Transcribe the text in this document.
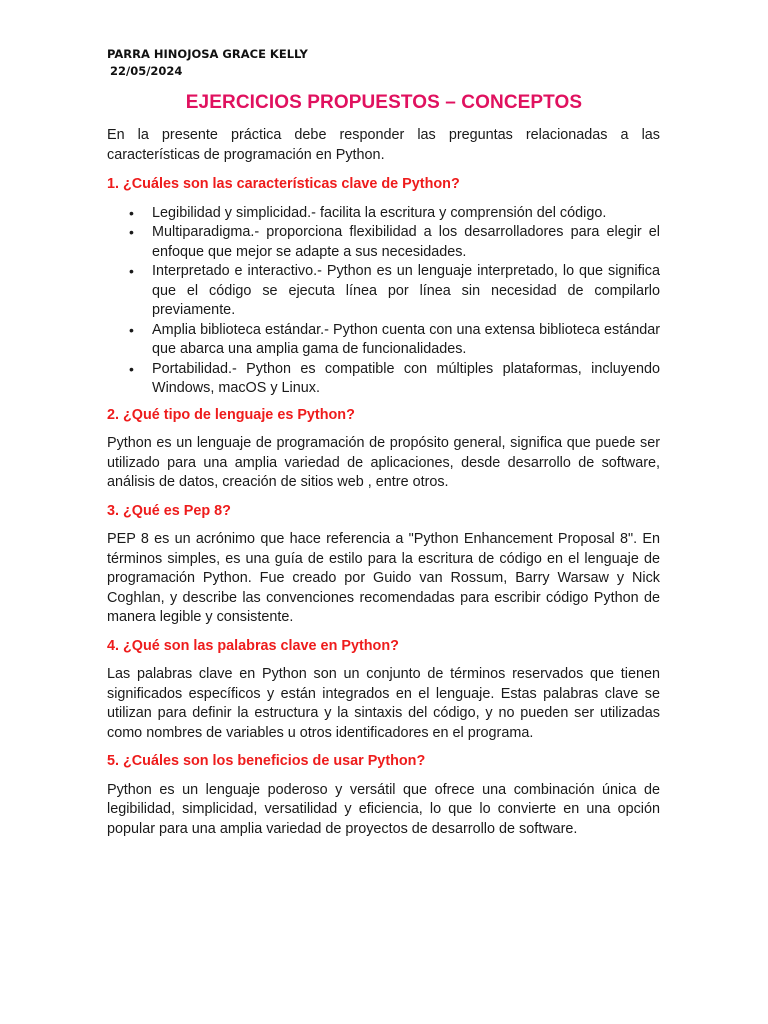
PARRA HINOJOSA GRACE KELLY
22/05/2024
EJERCICIOS PROPUESTOS – CONCEPTOS

En la presente práctica debe responder las preguntas relacionadas a las características de programación en Python.

1. ¿Cuáles son las características clave de Python?

• Legibilidad y simplicidad.- facilita la escritura y comprensión del código.
• Multiparadigma.- proporciona flexibilidad a los desarrolladores para elegir el enfoque que mejor se adapte a sus necesidades.
• Interpretado e interactivo.- Python es un lenguaje interpretado, lo que significa que el código se ejecuta línea por línea sin necesidad de compilarlo previamente.
• Amplia biblioteca estándar.- Python cuenta con una extensa biblioteca estándar que abarca una amplia gama de funcionalidades.
• Portabilidad.- Python es compatible con múltiples plataformas, incluyendo Windows, macOS y Linux.

2. ¿Qué tipo de lenguaje es Python?

Python es un lenguaje de programación de propósito general, significa que puede ser utilizado para una amplia variedad de aplicaciones, desde desarrollo de software, análisis de datos, creación de sitios web , entre otros.

3. ¿Qué es Pep 8?

PEP 8 es un acrónimo que hace referencia a "Python Enhancement Proposal 8". En términos simples, es una guía de estilo para la escritura de código en el lenguaje de programación Python. Fue creado por Guido van Rossum, Barry Warsaw y Nick Coghlan, y describe las convenciones recomendadas para escribir código Python de manera legible y consistente.

4. ¿Qué son las palabras clave en Python?

Las palabras clave en Python son un conjunto de términos reservados que tienen significados específicos y están integrados en el lenguaje. Estas palabras clave se utilizan para definir la estructura y la sintaxis del código, y no pueden ser utilizadas como nombres de variables u otros identificadores en el programa.

5. ¿Cuáles son los beneficios de usar Python?

Python es un lenguaje poderoso y versátil que ofrece una combinación única de legibilidad, simplicidad, versatilidad y eficiencia, lo que lo convierte en una opción popular para una amplia variedad de proyectos de desarrollo de software.
